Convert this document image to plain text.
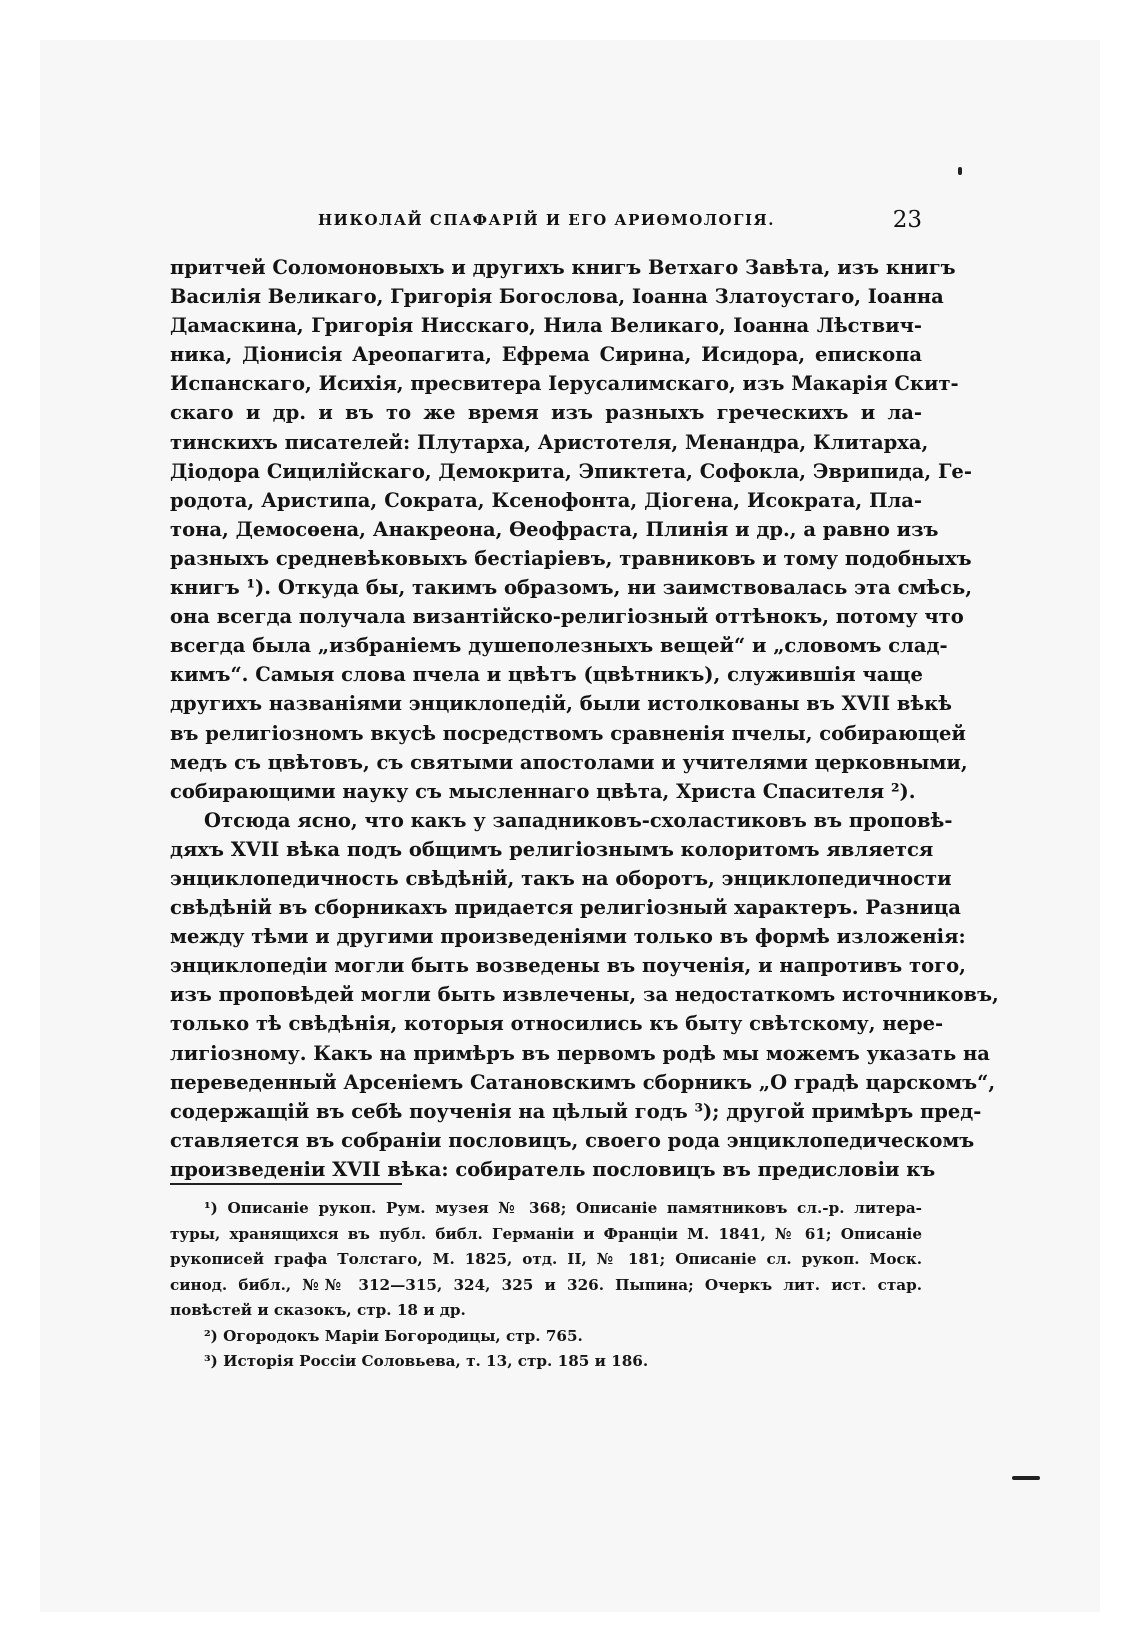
НИКОЛАЙ СПАФАРІЙ И ЕГО АРИѲМОЛОГІЯ.	23
притчей Соломоновыхъ и другихъ книгъ Ветхаго Завѣта, изъ книгъ
Василія Великаго, Григорія Богослова, Іоанна Златоустаго, Іоанна
Дамаскина, Григорія Нисскаго, Нила Великаго, Іоанна Лѣствич-
ника, Діонисія Ареопагита, Ефрема Сирина, Исидора, епископа
Испанскаго, Исихія, пресвитера Іерусалимскаго, изъ Макарія Скит-
скаго и др. и въ то же время изъ разныхъ греческихъ и ла-
тинскихъ писателей: Плутарха, Аристотеля, Менандра, Клитарха,
Діодора Сицилійскаго, Демокрита, Эпиктета, Софокла, Эврипида, Ге-
родота, Аристипа, Сократа, Ксенофонта, Діогена, Исократа, Пла-
тона, Демосѳена, Анакреона, Ѳеофраста, Плинія и др., а равно изъ
разныхъ средневѣковыхъ бестіаріевъ, травниковъ и тому подобныхъ
книгъ ¹). Откуда бы, такимъ образомъ, ни заимствовалась эта смѣсь,
она всегда получала византійско-религіозный оттѣнокъ, потому что
всегда была „избраніемъ душеполезныхъ вещей“ и „словомъ слад-
кимъ“. Самыя слова пчела и цвѣтъ (цвѣтникъ), служившія чаще
другихъ названіями энциклопедій, были истолкованы въ XVII вѣкѣ
въ религіозномъ вкусѣ посредствомъ сравненія пчелы, собирающей
медъ съ цвѣтовъ, съ святыми апостолами и учителями церковными,
собирающими науку съ мысленнаго цвѣта, Христа Спасителя ²).
Отсюда ясно, что какъ у западниковъ-схоластиковъ въ проповѣ-
дяхъ XVII вѣка подъ общимъ религіознымъ колоритомъ является
энциклопедичность свѣдѣній, такъ на оборотъ, энциклопедичности
свѣдѣній въ сборникахъ придается религіозный характеръ. Разница
между тѣми и другими произведеніями только въ формѣ изложенія:
энциклопедіи могли быть возведены въ поученія, и напротивъ того,
изъ проповѣдей могли быть извлечены, за недостаткомъ источниковъ,
только тѣ свѣдѣнія, которыя относились къ быту свѣтскому, нере-
лигіозному. Какъ на примѣръ въ первомъ родѣ мы можемъ указать на
переведенный Арсеніемъ Сатановскимъ сборникъ „О градѣ царскомъ“,
содержащій въ себѣ поученія на цѣлый годъ ³); другой примѣръ пред-
ставляется въ собраніи пословицъ, своего рода энциклопедическомъ
произведеніи XVII вѣка: собиратель пословицъ въ предисловіи къ
¹) Описаніе рукоп. Рум. музея № 368; Описаніе памятниковъ сл.-р. литера-
туры, хранящихся въ публ. библ. Германіи и Франціи М. 1841, № 61; Описаніе
рукописей графа Толстаго, М. 1825, отд. II, № 181; Описаніе сл. рукоп. Моск.
синод. библ., №№ 312—315, 324, 325 и 326. Пыпина; Очеркъ лит. ист. стар.
повѣстей и сказокъ, стр. 18 и др.
²) Огородокъ Маріи Богородицы, стр. 765.
³) Исторія Россіи Соловьева, т. 13, стр. 185 и 186.
